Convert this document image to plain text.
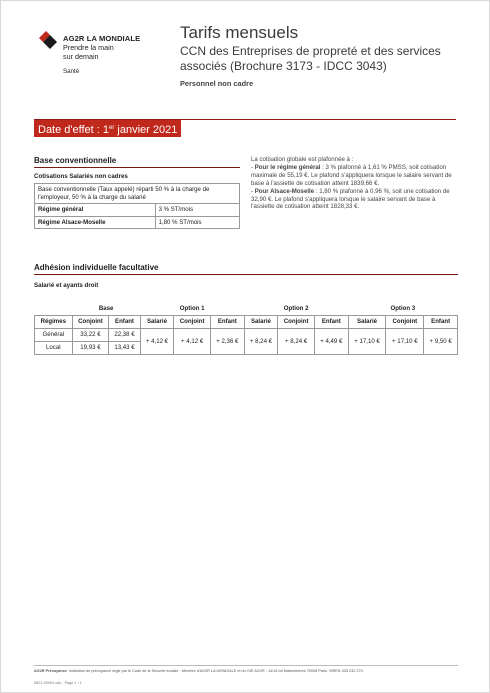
AG2R LA MONDIALE
Prendre la main
sur demain
Santé
Tarifs mensuels
CCN des Entreprises de propreté et des services associés (Brochure 3173 - IDCC 3043)
Personnel non cadre
Date d'effet : 1er janvier 2021
Base conventionnelle
Cotisations Salariés non cadres
Base conventionnelle (Taux appelé) réparti 50 % à la charge de l'employeur, 50 % à la charge du salarié	
Régime général	3 % ST/mois
Régime Alsace-Moselle	1,80 % ST/mois
La cotisation globale est plafonnée à :
- Pour le régime général : 3 % plafonné à 1,61 % PMSS, soit cotisation maximale de 55,19 €. Le plafond s'appliquera lorsque le salaire servant de base à l'assiette de cotisation atteint 1839,66 €.
- Pour Alsace-Moselle : 1,80 % plafonné à 0,96 %, soit une cotisation de 32,90 €. Le plafond s'appliquera lorsque le salaire servant de base à l'assiette de cotisation atteint 1828,33 €.
Adhésion individuelle facultative
Salarié et ayants droit
	Base		Option 1			Option 2			Option 3		
Régimes	Conjoint	Enfant	Salarié	Conjoint	Enfant	Salarié	Conjoint	Enfant	Salarié	Conjoint	Enfant
Général	33,22 €	22,38 €	+ 4,12 €	+ 4,12 €	+ 2,36 €	+ 8,24 €	+ 8,24 €	+ 4,49 €	+ 17,10 €	+ 17,10 €	+ 9,50 €
Local	19,93 €	13,43 €									
AG2R Prévoyance, institution de prévoyance régie par le Code de la Sécurité sociale - Membre d'AG2R LA MONDIALE et du GIE AG2R - 14/16 bd Malesherbes 75008 Paris. SIREN 333 232 270.
0821-00004 cdc - Page 1 / 1
